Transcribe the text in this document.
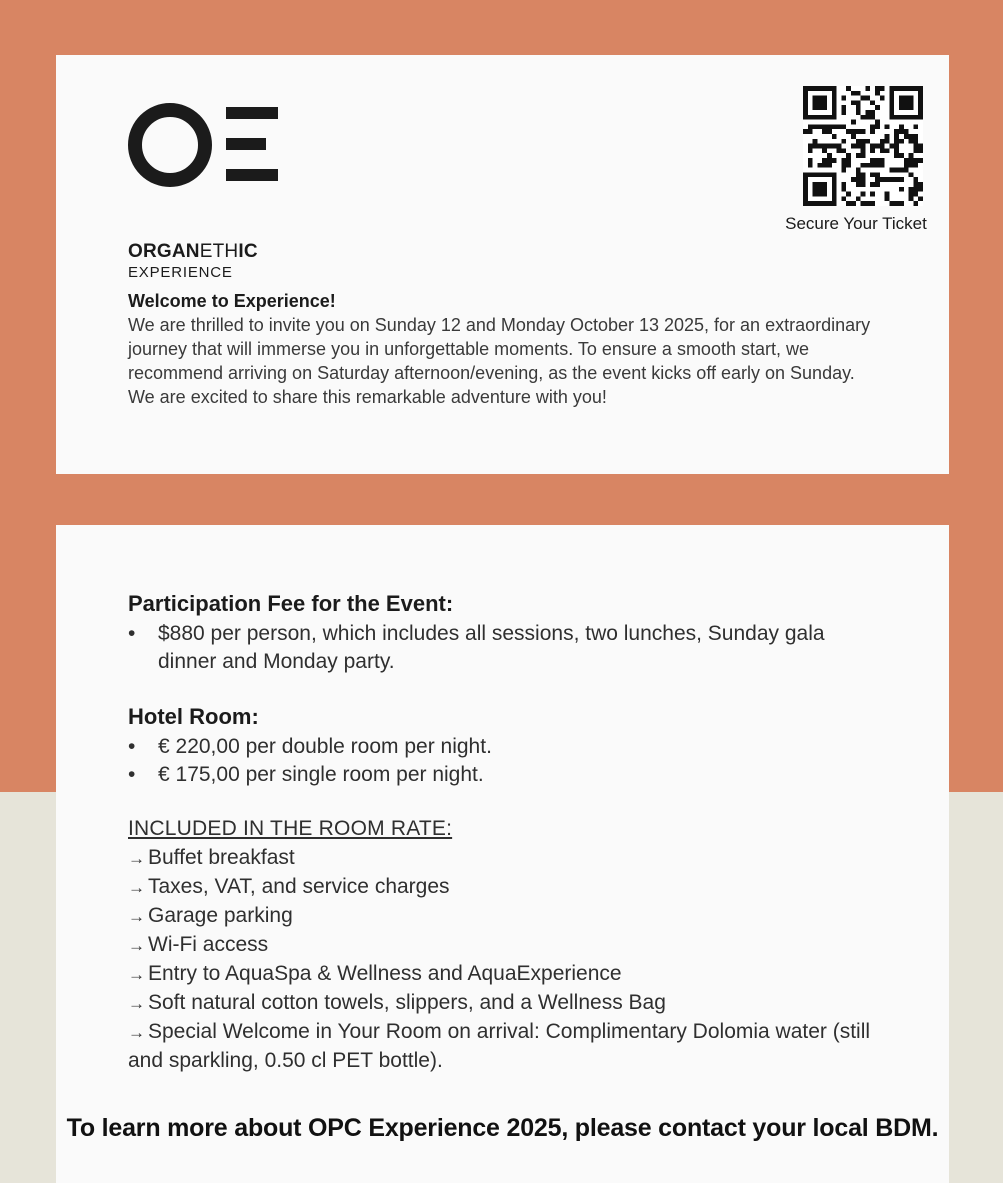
ORGANETHIC

EXPERIENCE

Secure Your Ticket

Welcome to Experience!

We are thrilled to invite you on Sunday 12 and Monday October 13 2025, for an extraordinary journey that will immerse you in unforgettable moments. To ensure a smooth start, we recommend arriving on Saturday afternoon/evening, as the event kicks off early on Sunday.

We are excited to share this remarkable adventure with you!

Participation Fee for the Event:
• $880 per person, which includes all sessions, two lunches, Sunday gala dinner and Monday party.
Hotel Room:
• € 220,00 per double room per night.
• € 175,00 per single room per night.

INCLUDED IN THE ROOM RATE:

→ Buffet breakfast
→ Taxes, VAT, and service charges
→ Garage parking
→ Wi-Fi access
→ Entry to AquaSpa & Wellness and AquaExperience
→ Soft natural cotton towels, slippers, and a Wellness Bag
→ Special Welcome in Your Room on arrival: Complimentary Dolomia water (still and sparkling, 0.50 cl PET bottle).

To learn more about OPC Experience 2025, please contact your local BDM.
